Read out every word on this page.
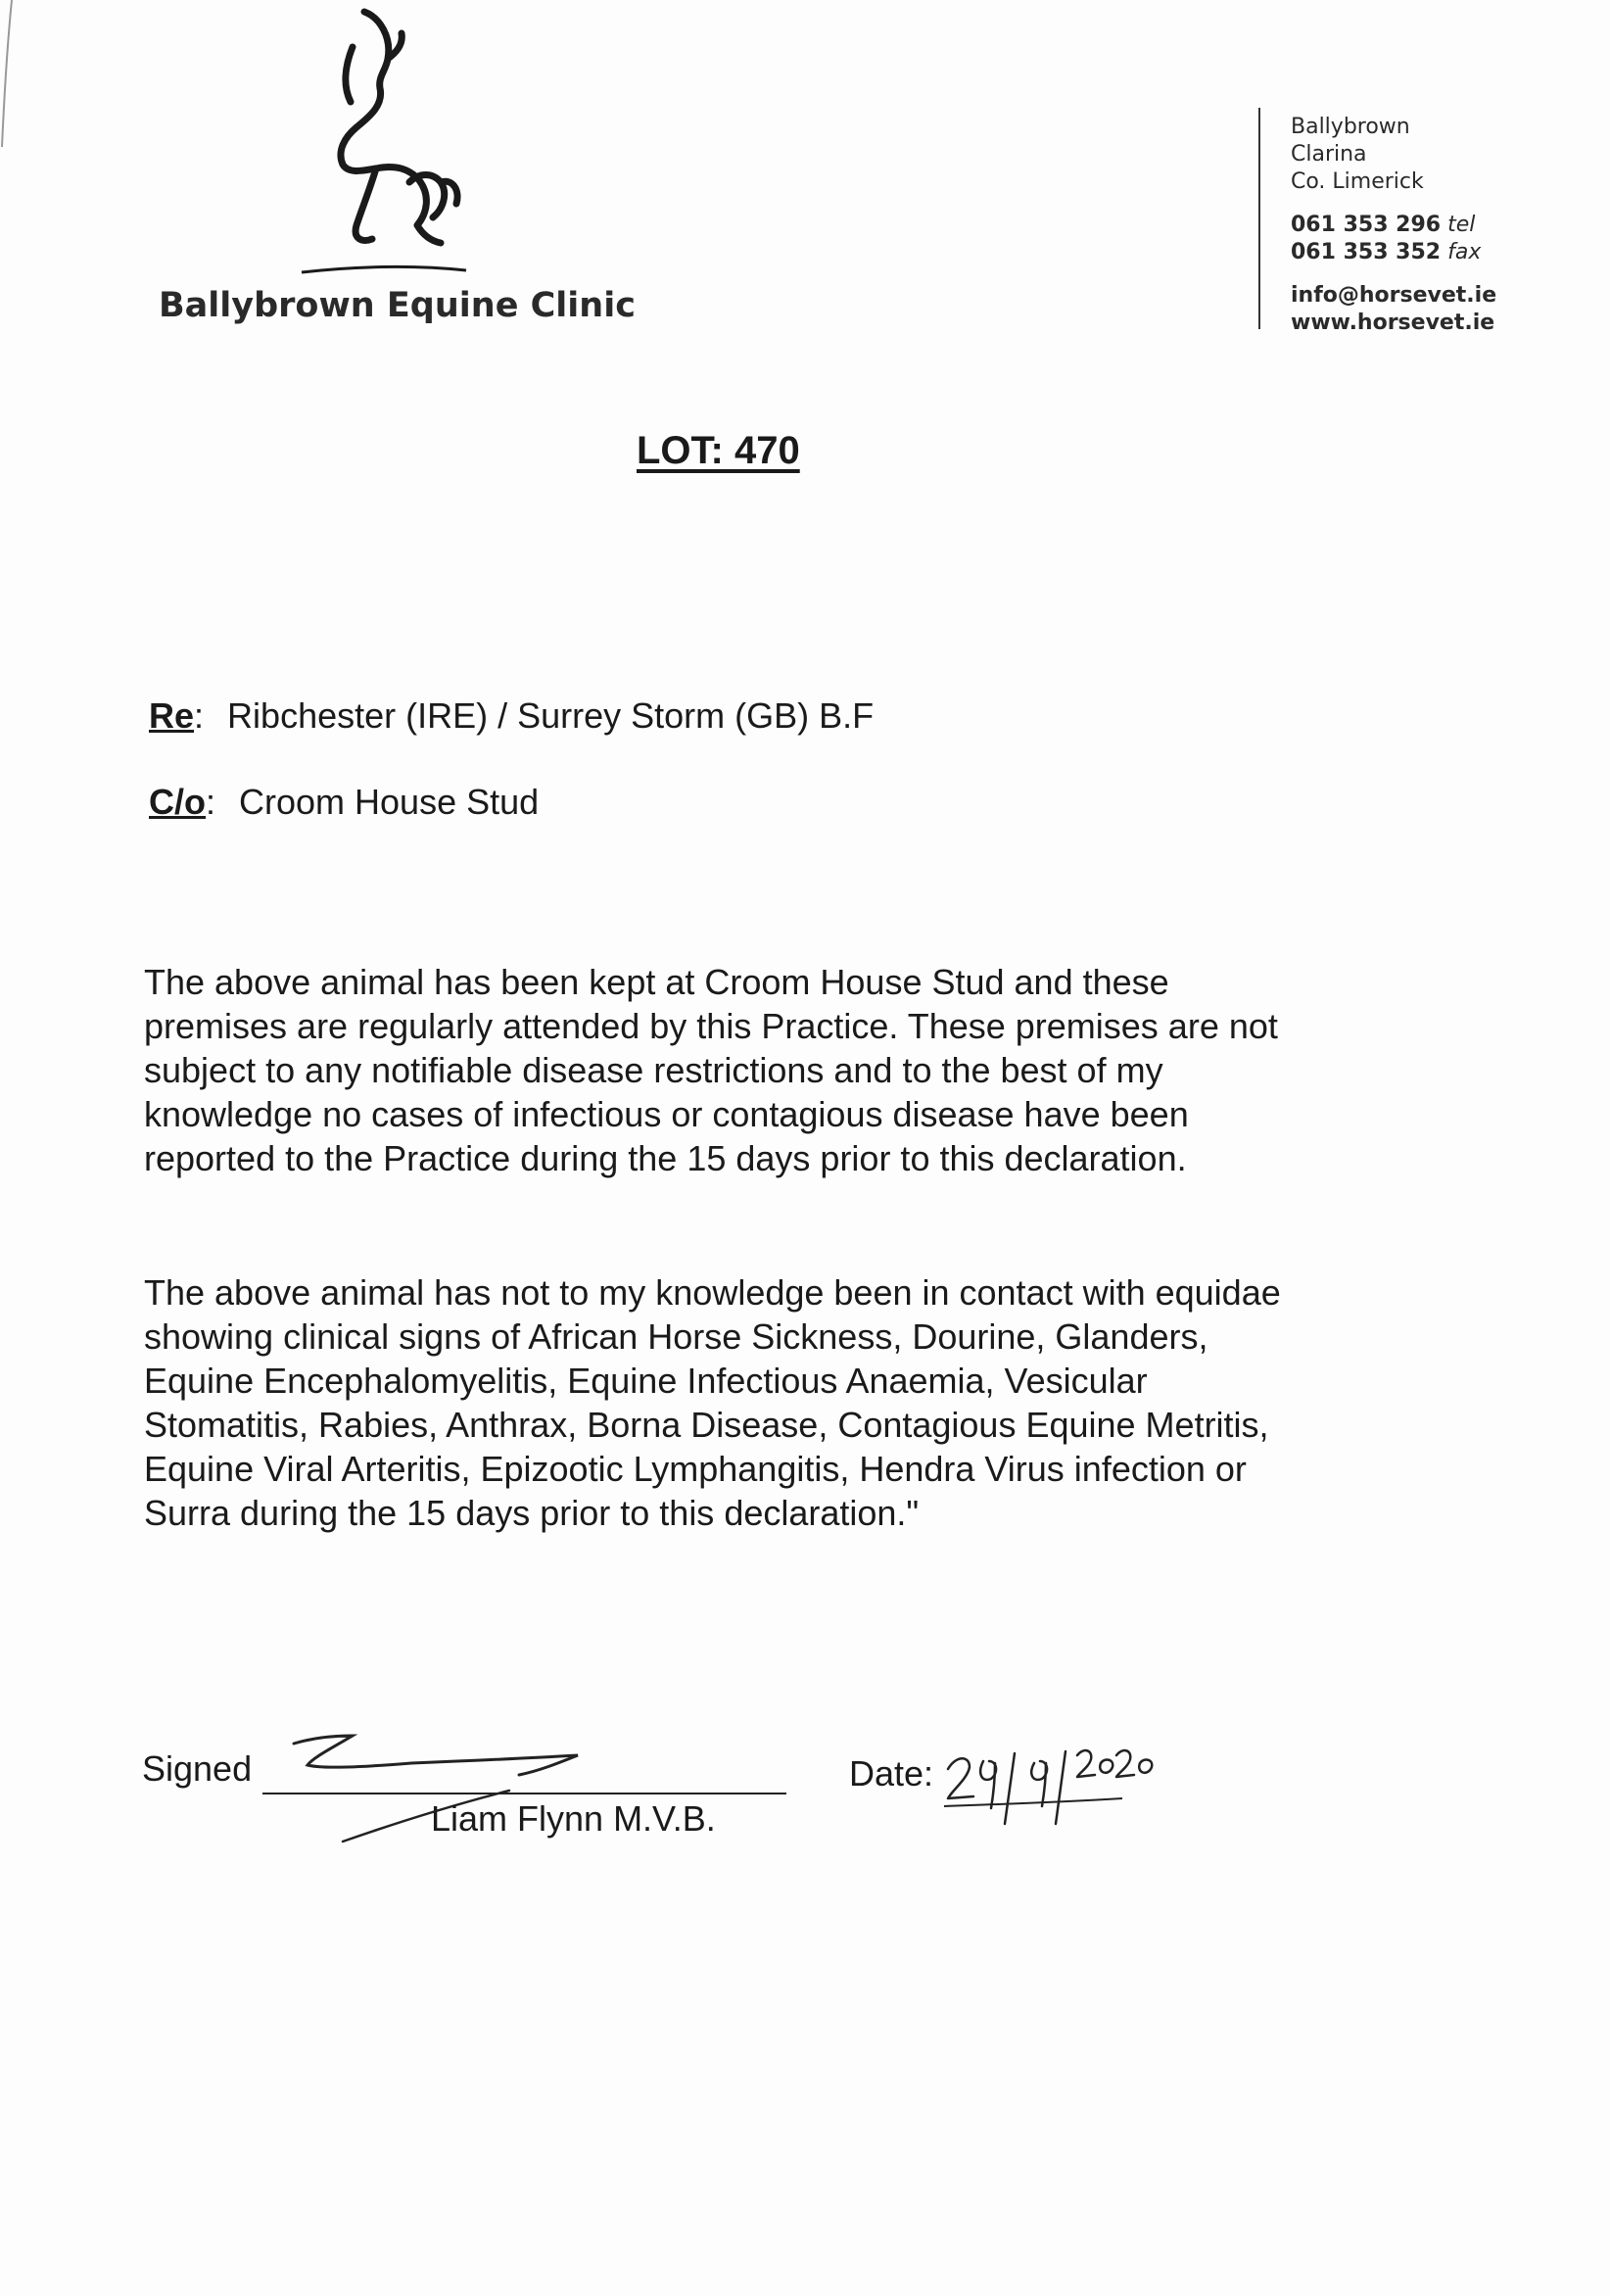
Ballybrown Equine Clinic
Ballybrown
Clarina
Co. Limerick
061 353 296 tel
061 353 352 fax
info@horsevet.ie
www.horsevet.ie
LOT: 470
Re: Ribchester (IRE) / Surrey Storm (GB) B.F
C/o: Croom House Stud

The above animal has been kept at Croom House Stud and these premises are regularly attended by this Practice. These premises are not subject to any notifiable disease restrictions and to the best of my knowledge no cases of infectious or contagious disease have been reported to the Practice during the 15 days prior to this declaration.

The above animal has not to my knowledge been in contact with equidae showing clinical signs of African Horse Sickness, Dourine, Glanders, Equine Encephalomyelitis, Equine Infectious Anaemia, Vesicular Stomatitis, Rabies, Anthrax, Borna Disease, Contagious Equine Metritis, Equine Viral Arteritis, Epizootic Lymphangitis, Hendra Virus infection or Surra during the 15 days prior to this declaration."

Signed
Liam Flynn M.V.B.
Date:
